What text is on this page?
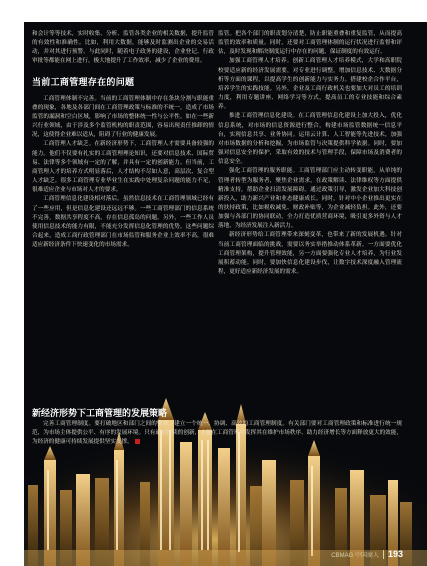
和会计等等技术，实时收集、分析、监管各类企业的相关数据，提升监管的有效性和准确性。比如，利用大数据，能够及时监测出企业的交易活动，并对其进行预警。与此同时，随着电子政务的建设，企业登记、行政审批等都能在网上进行，极大地提升了工作效率，减少了企业的费用。

当前工商管理存在的问题

工商管理体制不完善。当前的工商管理体制中存在条块分割与职能重叠的现象，各地及各部门间在工商管理政策与标准的不统一，造成了市场监管的漏洞和空白区域，影响了市场的整体统一性与公平性。如在一些新兴行业领域，由于涉及多个监管机构的职责范围，容易出现责任推卸的情况，这使得企业难以适从，阻碍了行业的健康发展。

工商管理人才缺乏。在新经济形势下，工商管理人才需要具备较强的能力。他们不仅要有扎实的工商管理理论知识，还要对信息技术、国际贸易、法律等多个领域有一定的了解，并具有一定的创新能力。但当前，工商管理人才的培养方式明显落后，人才结构不尽如人意，高层次、复合型人才缺乏。很多工商管理专业毕业生在实践中处理复杂问题的能力不足，很难适应企业与市场对人才的要求。

工商管理信息化建设相对落后。虽然信息技术在工商管理领域已经有了一些应用，但是信息化建设还远远不够。一些工商管理部门的信息系统不完善，数据共享程度不高，存在信息孤岛的问题。另外，一些工作人员使用信息技术的能力有限，不能充分发挥信息化管理的优势。这些问题综合起来，造成工商行政管理部门在市场监管和服务企业上效率不高，很难适应新经济条件下快速变化的市场需求。

监管。把各个部门的职责划分清楚，防止职能重叠和重复监管，从而提高监管的效率和质量。同时，还要对工商管理体制的运行状况进行监督和评估，及时发现和解决制度运行中存在的问题，保证制度的有效运行。

加强工商管理人才培养。创新工商管理人才培养模式，大学和高职院校要适应新的经济发展需要，对专业进行调整，增加信息技术、大数据分析等方面的课程，以提高学生的创新能力与实务力。搭建校企合作平台，培养学生的实践技能。另外，企业及工商行政机关也要加大对员工的培训力度，利用专题讲座、网络学习等方式，提高员工的专业技能和综合素养。

推进工商管理信息化建设。在工商管理信息化建设上加大投入，优化信息系统，对市场的信息资源进行整合，构建市场监管数据统一信息平台，实现信息共享、业务协同。运用云计算、人工智能等先进技术，加强对市场数据的分析和挖掘，为市场监管与决策提供科学依据。同时，要加强对信息安全的保护，采取有效的技术与管理手段，保障市场及消费者的信息安全。

强化工商管理的服务职能。工商管理部门应主动转变职能，从单纯的管理者转型为服务者，聚焦企业需求，在政策解读、法律维权等方面提供精准支持，帮助企业扫清发展障碍。通过政策引导，激发企业加大科技创新投入，助力新兴产业和业态健康成长。同时，针对中小企业推出更实在的扶持政策，比如税收减免、财政补贴等，为企业减轻负担。此外，还要加强与各部门的协同联动，全力打造优质营商环境，吸引更多外资与人才落地，为经济发展注入新活力。

新经济形势给工商管理带来深刻变革，也带来了新的发展机遇。针对当前工商管理面临的挑战，需要以务实举措推动体系革新。一方面要优化工商管理架构，提升管理效能，另一方面要强化专业人才培养，为行业发展积蓄动能。同时，要加快信息化建设步伐，让数字技术深度融入管理流程，更好适应新经济发展的需求。

新经济形势下工商管理的发展策略

完善工商管理制度。要打破地区和部门之间的壁垒，建立一个统一、协调、高效的工商管理制度。有关部门要对工商管理政策和标准进行统一规范，为市场主体提供公平、有序的发展环境。只有通过持续的创新，才能在工商管理中发挥其在维护市场秩序、助力经济增长等方面释放更大的效能，为经济的健康可持续发展提供坚实支撑。

CBMAG 中国商人 193
